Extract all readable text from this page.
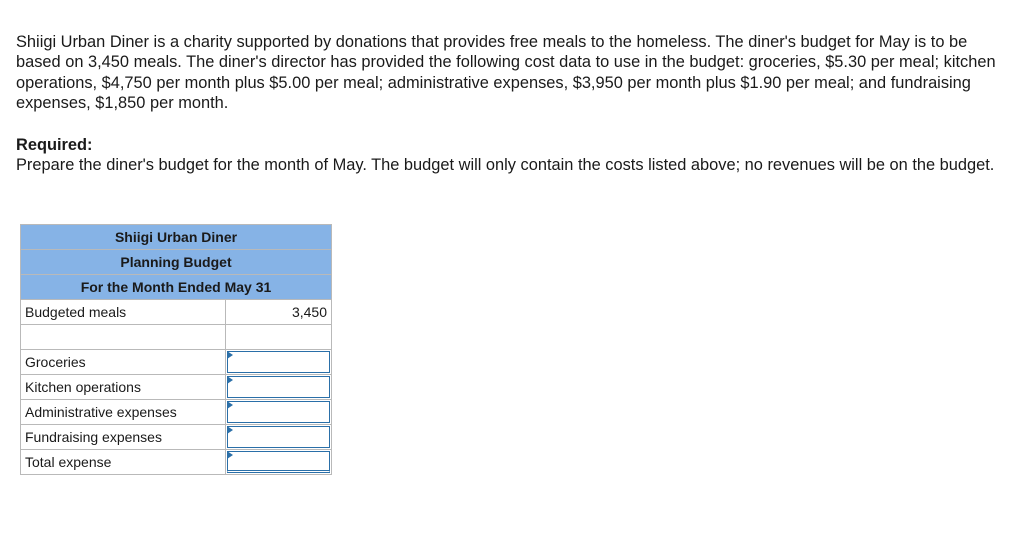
Shiigi Urban Diner is a charity supported by donations that provides free meals to the homeless. The diner's budget for May is to be based on 3,450 meals. The diner's director has provided the following cost data to use in the budget: groceries, $5.30 per meal; kitchen operations, $4,750 per month plus $5.00 per meal; administrative expenses, $3,950 per month plus $1.90 per meal; and fundraising expenses, $1,850 per month.

Required:
Prepare the diner's budget for the month of May. The budget will only contain the costs listed above; no revenues will be on the budget.
Shiigi Urban Diner	
Planning Budget	
For the Month Ended May 31	
Budgeted meals	3,450

Groceries	

Kitchen operations	

Administrative expenses	

Fundraising expenses	

Total expense	
